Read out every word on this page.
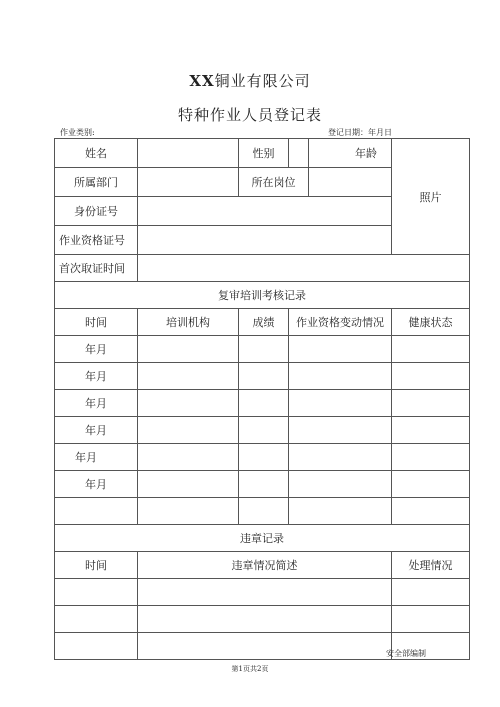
XX铜业有限公司
特种作业人员登记表
作业类别:	登记日期：年月日
姓名		性别		年龄	照片
所属部门		所在岗位			
身份证号					
作业资格证号					
首次取证时间					
复审培训考核记录					
时间	培训机构	成绩	作业资格变动情况		健康状态
年月					
年月					
年月					
年月					
年月					
年月					

违章记录					
时间	违章情况简述				处理情况

安全部编制
第1页共2页
